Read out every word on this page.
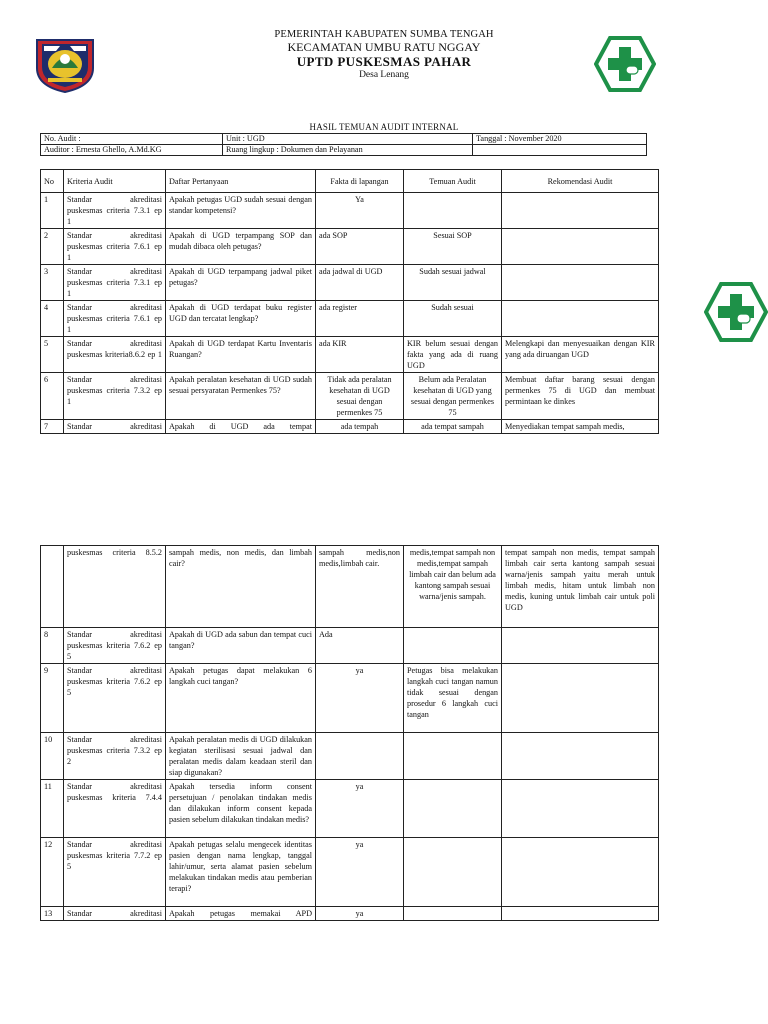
PEMERINTAH KABUPATEN SUMBA TENGAH
KECAMATAN UMBU RATU NGGAY
UPTD PUSKESMAS PAHAR
Desa Lenang
HASIL TEMUAN AUDIT INTERNAL
No. Audit :	Unit : UGD	Tanggal : November 2020
Auditor : Ernesta Ghello, A.Md.KG	Ruang lingkup : Dokumen dan Pelayanan	
No	Kriteria Audit	Daftar Pertanyaan	Fakta di lapangan	Temuan Audit	Rekomendasi Audit
1	Standar akreditasi puskesmas criteria 7.3.1 ep 1	Apakah petugas UGD sudah sesuai dengan standar kompetensi?	Ya		
2	Standar akreditasi puskesmas criteria 7.6.1 ep 1	Apakah di UGD terpampang SOP dan mudah dibaca oleh petugas?	ada SOP	Sesuai SOP	
3	Standar akreditasi puskesmas criteria 7.3.1 ep 1	Apakah di UGD terpampang jadwal piket petugas?	ada jadwal di UGD	Sudah sesuai jadwal	
4	Standar akreditasi puskesmas criteria 7.6.1 ep 1	Apakah di UGD terdapat buku register UGD dan tercatat lengkap?	ada register	Sudah sesuai	
5	Standar akreditasi puskesmas kriteria8.6.2 ep 1	Apakah di UGD terdapat Kartu Inventaris Ruangan?	ada KIR	KIR belum sesuai dengan fakta yang ada di ruang UGD	Melengkapi dan menyesuaikan dengan KIR yang ada diruangan UGD
6	Standar akreditasi puskesmas criteria 7.3.2 ep 1	Apakah peralatan kesehatan di UGD sudah sesuai persyaratan Permenkes 75?	Tidak ada peralatan kesehatan di UGD sesuai dengan permenkes 75	Belum ada Peralatan kesehatan di UGD yang sesuai dengan permenkes 75	Membuat daftar barang sesuai dengan permenkes 75 di UGD dan membuat permintaan ke dinkes
7	Standar akreditasi	Apakah di UGD ada tempat	ada tempah	ada tempat sampah	Menyediakan tempat sampah medis,
	puskesmas criteria 8.5.2	sampah medis, non medis, dan limbah cair?	sampah medis,non medis,limbah cair.	medis,tempat sampah non medis,tempat sampah limbah cair dan belum ada kantong sampah sesuai warna/jenis sampah.	tempat sampah non medis, tempat sampah limbah cair serta kantong sampah sesuai warna/jenis sampah yaitu merah untuk limbah medis, hitam untuk limbah non medis, kuning untuk limbah cair untuk poli UGD
8	Standar akreditasi puskesmas kriteria 7.6.2 ep 5	Apakah di UGD ada sabun dan tempat cuci tangan?	Ada		
9	Standar akreditasi puskesmas kriteria 7.6.2 ep 5	Apakah petugas dapat melakukan 6 langkah cuci tangan?	ya	Petugas bisa melakukan langkah cuci tangan namun tidak sesuai dengan prosedur 6 langkah cuci tangan	
10	Standar akreditasi puskesmas criteria 7.3.2 ep 2	Apakah peralatan medis di UGD dilakukan kegiatan sterilisasi sesuai jadwal dan peralatan medis dalam keadaan steril dan siap digunakan?			
11	Standar akreditasi puskesmas kriteria 7.4.4	Apakah tersedia inform consent persetujuan / penolakan tindakan medis dan dilakukan inform consent kepada pasien sebelum dilakukan tindakan medis?	ya		
12	Standar akreditasi puskesmas kriteria 7.7.2 ep 5	Apakah petugas selalu mengecek identitas pasien dengan nama lengkap, tanggal lahir/umur, serta alamat pasien sebelum melakukan tindakan medis atau pemberian terapi?	ya		
13	Standar akreditasi	Apakah petugas memakai APD	ya		
